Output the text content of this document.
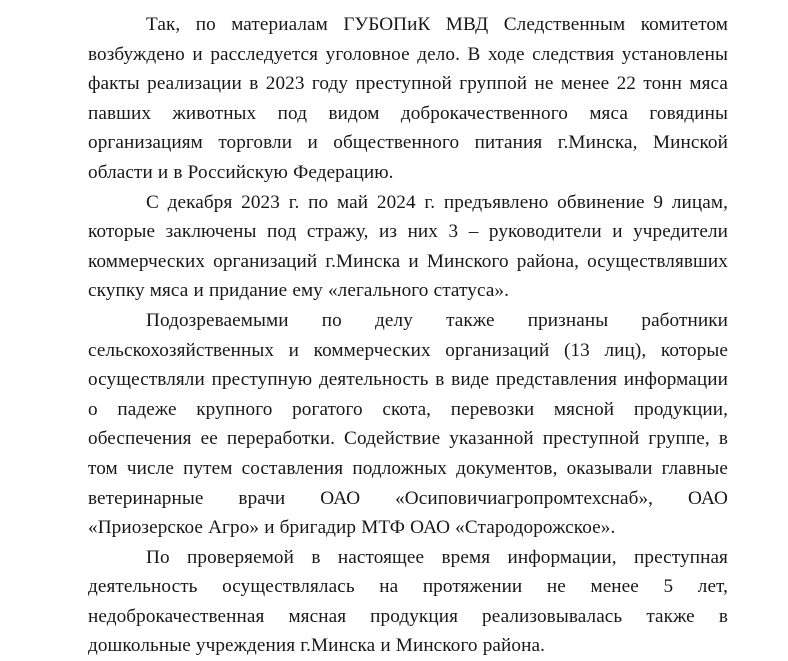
Так, по материалам ГУБОПиК МВД Следственным комитетом возбуждено и расследуется уголовное дело. В ходе следствия установлены факты реализации в 2023 году преступной группой не менее 22 тонн мяса павших животных под видом доброкачественного мяса говядины организациям торговли и общественного питания г.Минска, Минской области и в Российскую Федерацию.

С декабря 2023 г. по май 2024 г. предъявлено обвинение 9 лицам, которые заключены под стражу, из них 3 – руководители и учредители коммерческих организаций г.Минска и Минского района, осуществлявших скупку мяса и придание ему «легального статуса».

Подозреваемыми по делу также признаны работники сельскохозяйственных и коммерческих организаций (13 лиц), которые осуществляли преступную деятельность в виде представления информации о падеже крупного рогатого скота, перевозки мясной продукции, обеспечения ее переработки. Содействие указанной преступной группе, в том числе путем составления подложных документов, оказывали главные ветеринарные врачи ОАО «Осиповичиагропромтехснаб», ОАО «Приозерское Агро» и бригадир МТФ ОАО «Стародорожское».

По проверяемой в настоящее время информации, преступная деятельность осуществлялась на протяжении не менее 5 лет, недоброкачественная мясная продукция реализовывалась также в дошкольные учреждения г.Минска и Минского района.
